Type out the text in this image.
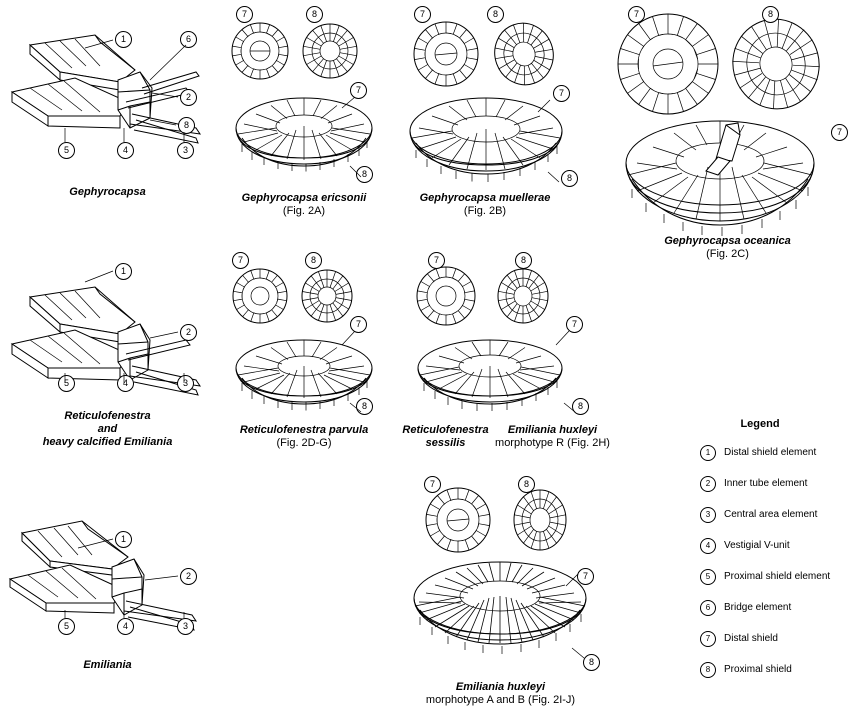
1	6
2
8
5	4	3
Gephyrocapsa
7	8
7
8
Gephyrocapsa ericsonii
(Fig. 2A)
7	8
7
8
Gephyrocapsa muellerae
(Fig. 2B)
7	8
7
Gephyrocapsa oceanica
(Fig. 2C)
1
2
5	4	3
Reticulofenestra
and
heavy calcified Emiliania
7	8
7
8
Reticulofenestra parvula
(Fig. 2D-G)
7	8
7
8
Reticulofenestra
sessilis
Emiliania huxleyi
morphotype R (Fig. 2H)
1
2
5	4	3
Emiliania
7	8
7
8
Emiliania huxleyi
morphotype A and B (Fig. 2I-J)
Legend
1	Distal shield element
2	Inner tube element
3	Central area element
4	Vestigial V-unit
5	Proximal shield element
6	Bridge element
7	Distal shield
8	Proximal shield
